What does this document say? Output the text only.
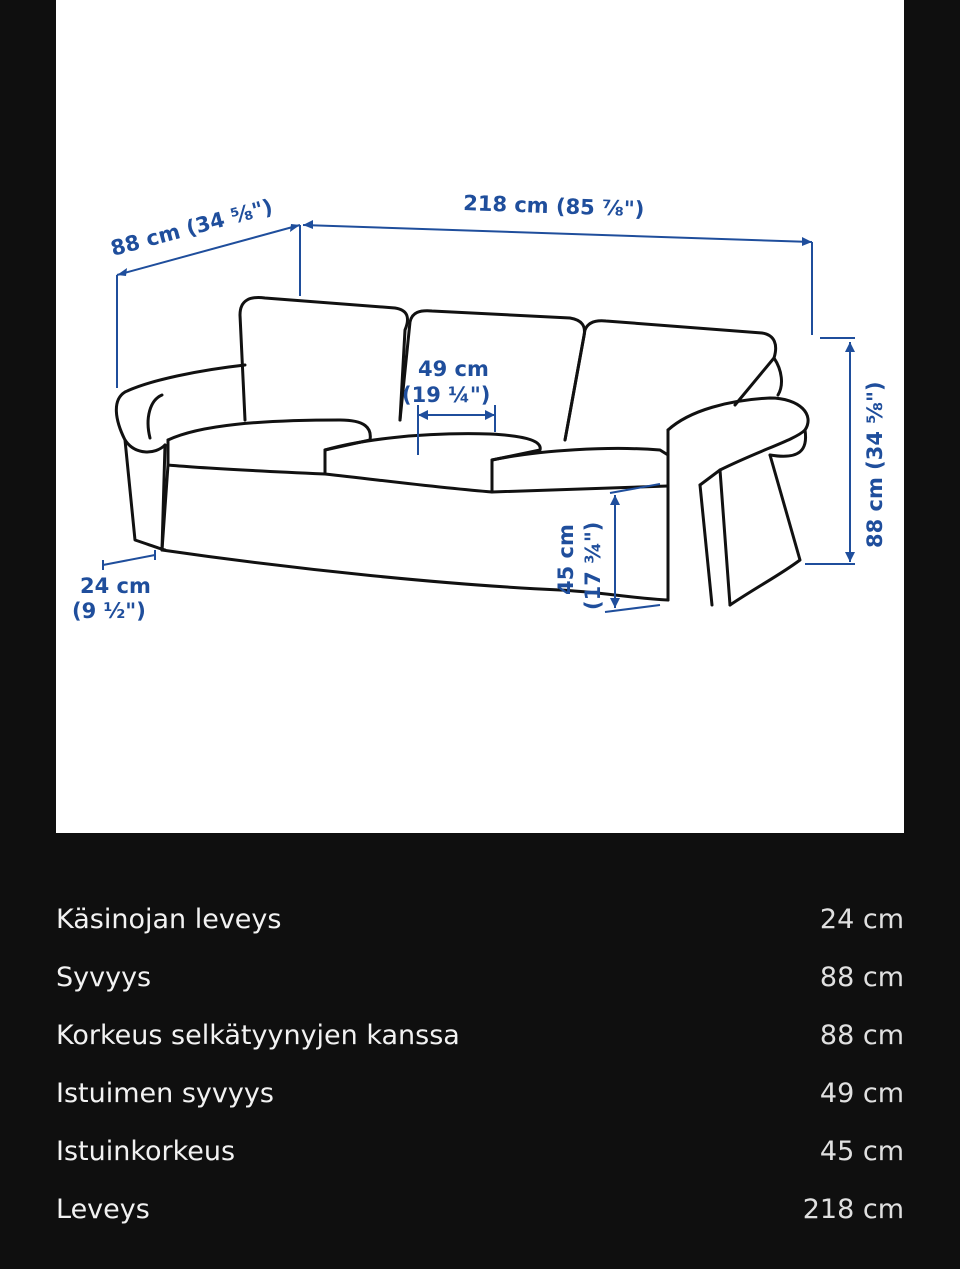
88 cm (34 ⅝")	218 cm (85 ⅞")
49 cm
(19 ¼")	88 cm (34 ⅝")
45 cm (17 ¾")
24 cm
(9 ½")
Käsinojan leveys	24 cm
Syvyys	88 cm
Korkeus selkätyynyjen kanssa	88 cm
Istuimen syvyys	49 cm
Istuinkorkeus	45 cm
Leveys	218 cm
